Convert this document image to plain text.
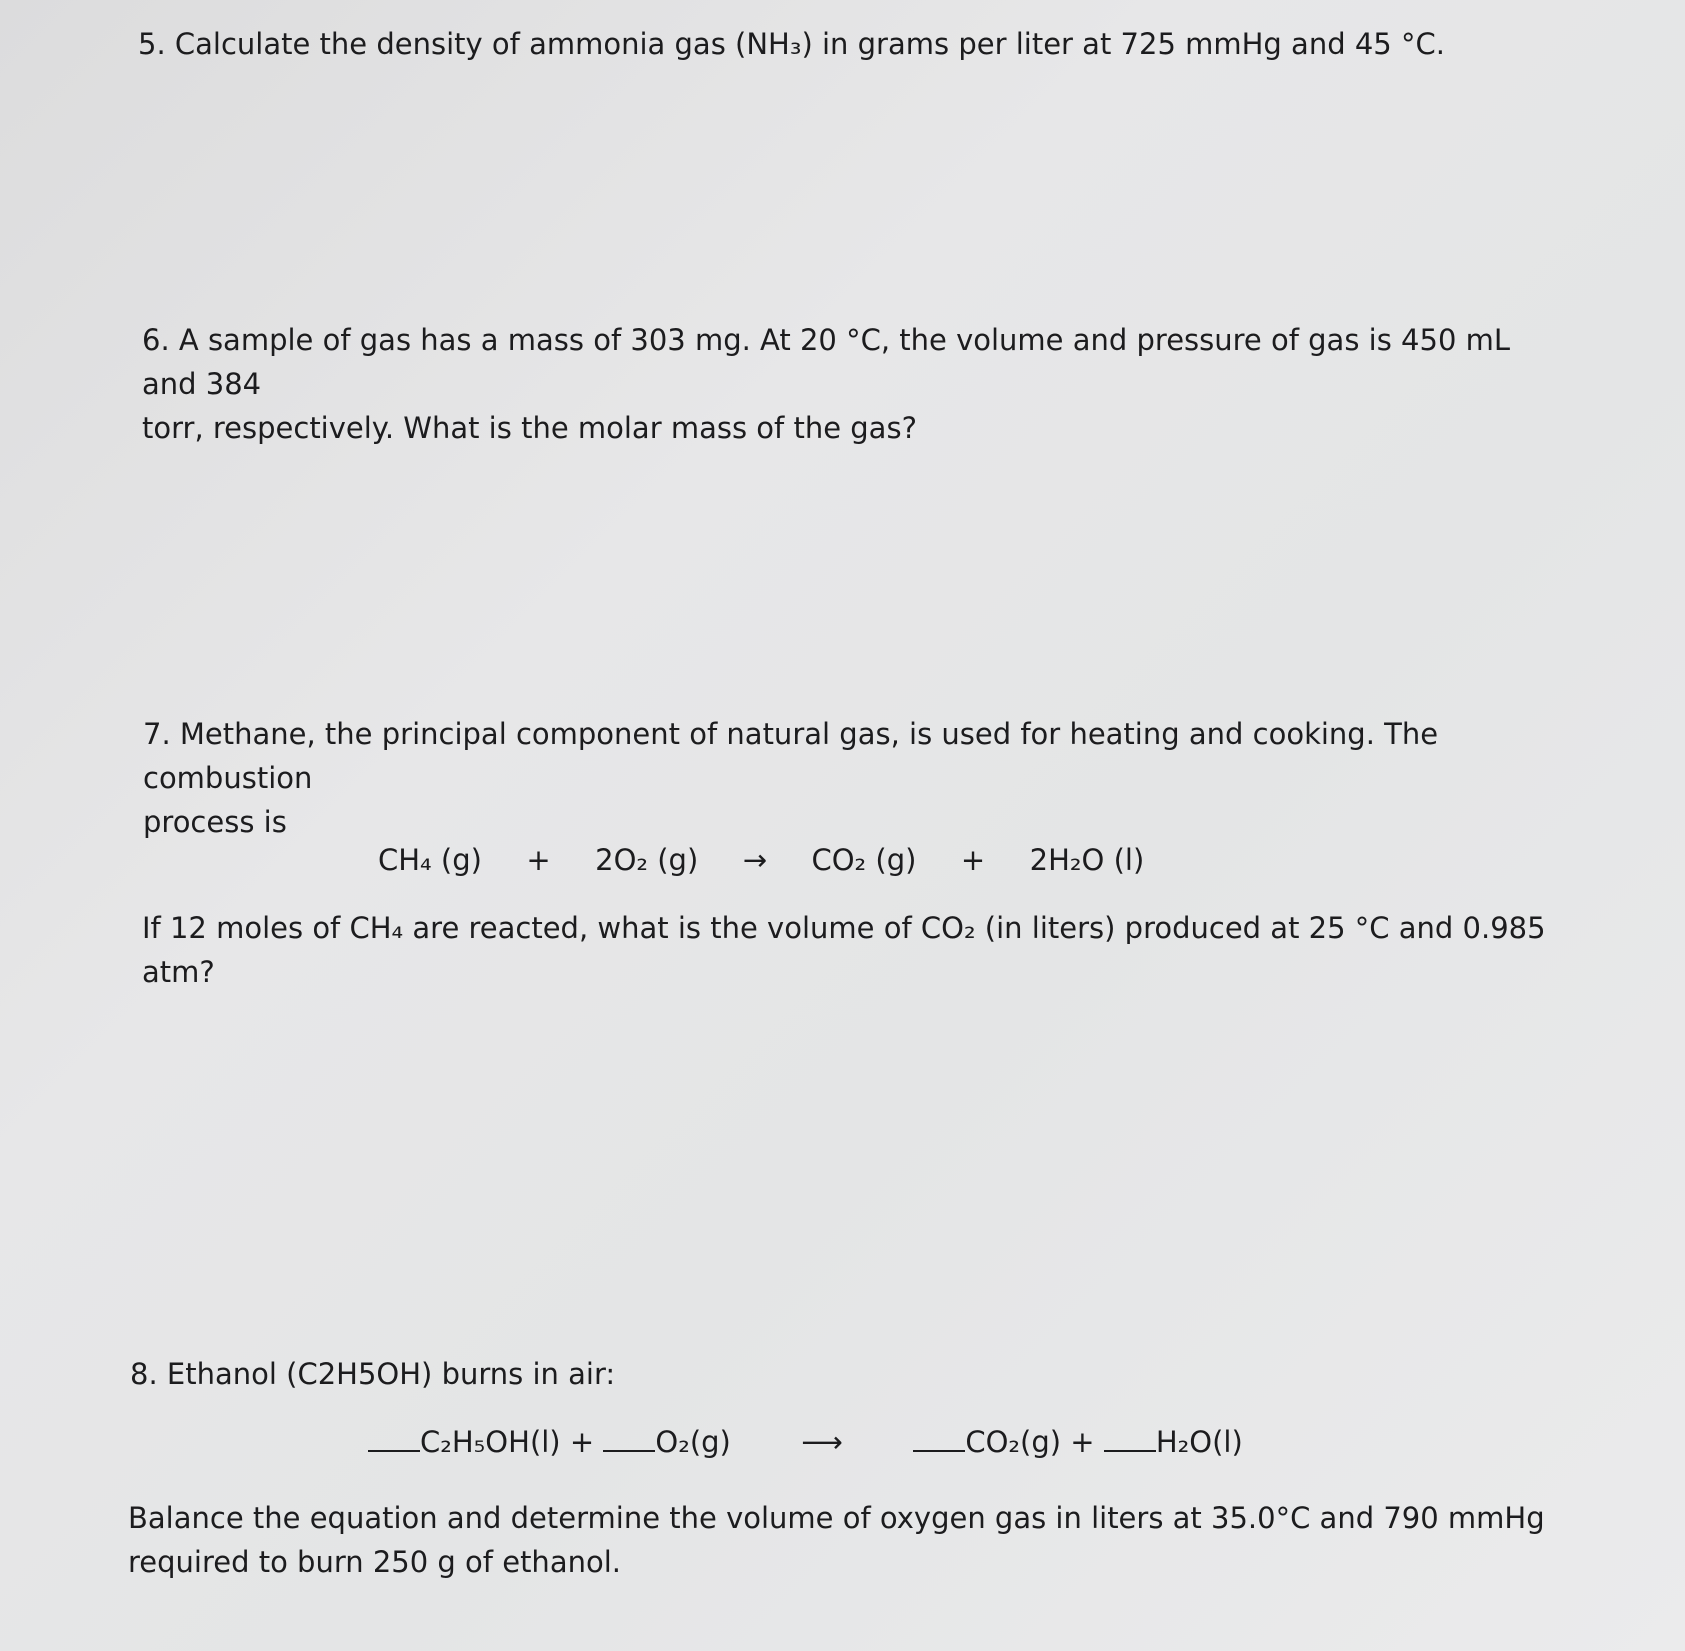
5. Calculate the density of ammonia gas (NH₃) in grams per liter at 725 mmHg and 45 °C.

6. A sample of gas has a mass of 303 mg. At 20 °C, the volume and pressure of gas is 450 mL and 384

torr, respectively. What is the molar mass of the gas?

7. Methane, the principal component of natural gas, is used for heating and cooking. The combustion

process is

CH₄ (g) + 2O₂ (g) → CO₂ (g) + 2H₂O (l)

If 12 moles of CH₄ are reacted, what is the volume of CO₂ (in liters) produced at 25 °C and 0.985 atm?

8. Ethanol (C2H5OH) burns in air:

C₂H₅OH(l) + O₂(g) ⟶	CO₂(g) + H₂O(l)

Balance the equation and determine the volume of oxygen gas in liters at 35.0°C and 790 mmHg

required to burn 250 g of ethanol.
